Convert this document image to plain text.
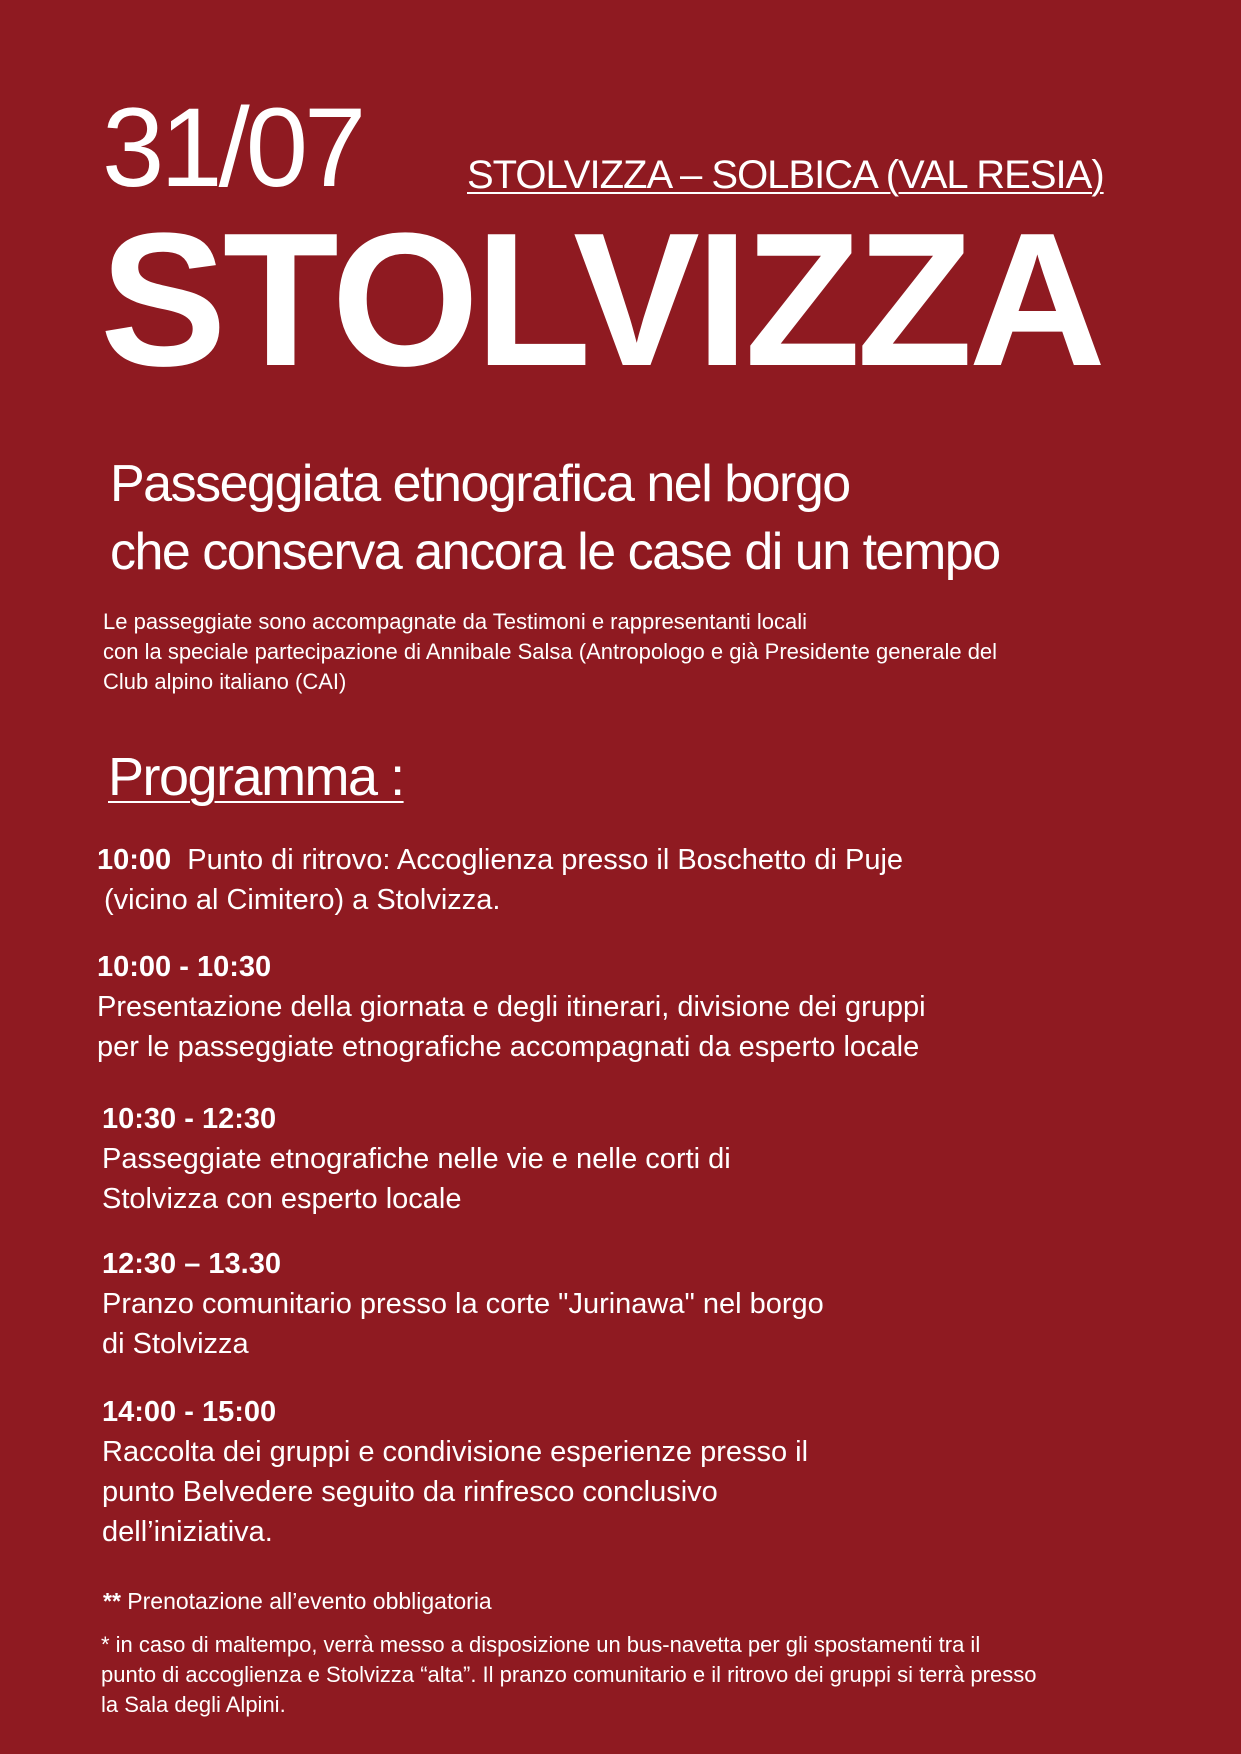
31/07	STOLVIZZA – SOLBICA (VAL RESIA)
STOLVIZZA
Passeggiata etnografica nel borgo
che conserva ancora le case di un tempo
Le passeggiate sono accompagnate da Testimoni e rappresentanti locali
con la speciale partecipazione di Annibale Salsa (Antropologo e già Presidente generale del
Club alpino italiano (CAI)
Programma :
10:00 Punto di ritrovo: Accoglienza presso il Boschetto di Puje
(vicino al Cimitero) a Stolvizza.
10:00 - 10:30
Presentazione della giornata e degli itinerari, divisione dei gruppi
per le passeggiate etnografiche accompagnati da esperto locale
10:30 - 12:30
Passeggiate etnografiche nelle vie e nelle corti di
Stolvizza con esperto locale
12:30 – 13.30
Pranzo comunitario presso la corte "Jurinawa" nel borgo
di Stolvizza
14:00 - 15:00
Raccolta dei gruppi e condivisione esperienze presso il
punto Belvedere seguito da rinfresco conclusivo
dell’iniziativa.
** Prenotazione all’evento obbligatoria
* in caso di maltempo, verrà messo a disposizione un bus-navetta per gli spostamenti tra il
punto di accoglienza e Stolvizza “alta”. Il pranzo comunitario e il ritrovo dei gruppi si terrà presso
la Sala degli Alpini.
